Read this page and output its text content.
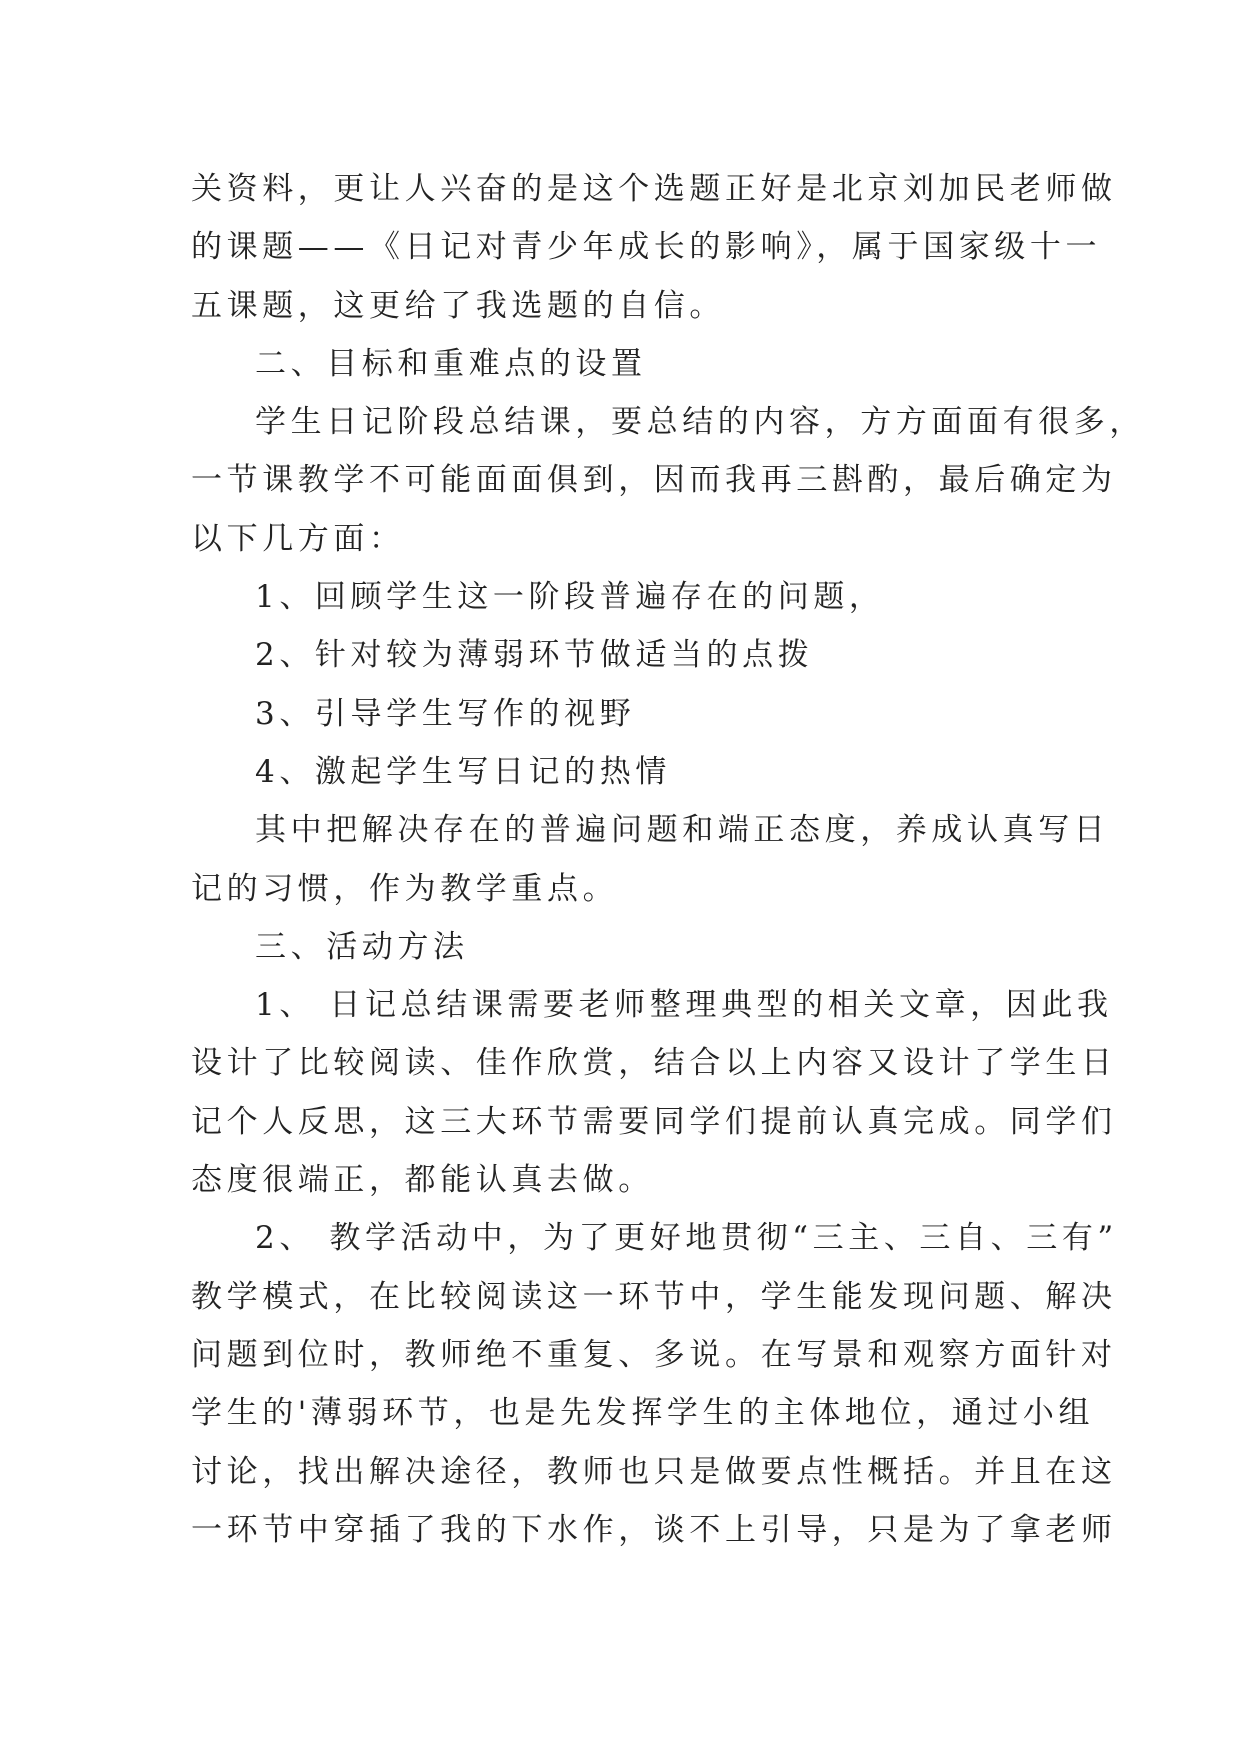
关资料，更让人兴奋的是这个选题正好是北京刘加民老师做
的课题——《日记对青少年成长的影响》，属于国家级十一
五课题，这更给了我选题的自信。
二、目标和重难点的设置
学生日记阶段总结课，要总结的内容，方方面面有很多，
一节课教学不可能面面俱到，因而我再三斟酌，最后确定为
以下几方面：
1、回顾学生这一阶段普遍存在的问题，
2、针对较为薄弱环节做适当的点拨
3、引导学生写作的视野
4、激起学生写日记的热情
其中把解决存在的普遍问题和端正态度，养成认真写日
记的习惯，作为教学重点。
三、活动方法
1、 日记总结课需要老师整理典型的相关文章，因此我
设计了比较阅读、佳作欣赏，结合以上内容又设计了学生日
记个人反思，这三大环节需要同学们提前认真完成。同学们
态度很端正，都能认真去做。
2、 教学活动中，为了更好地贯彻“三主、三自、三有”
教学模式，在比较阅读这一环节中，学生能发现问题、解决
问题到位时，教师绝不重复、多说。在写景和观察方面针对
学生的'薄弱环节，也是先发挥学生的主体地位，通过小组
讨论，找出解决途径，教师也只是做要点性概括。并且在这
一环节中穿插了我的下水作，谈不上引导，只是为了拿老师
